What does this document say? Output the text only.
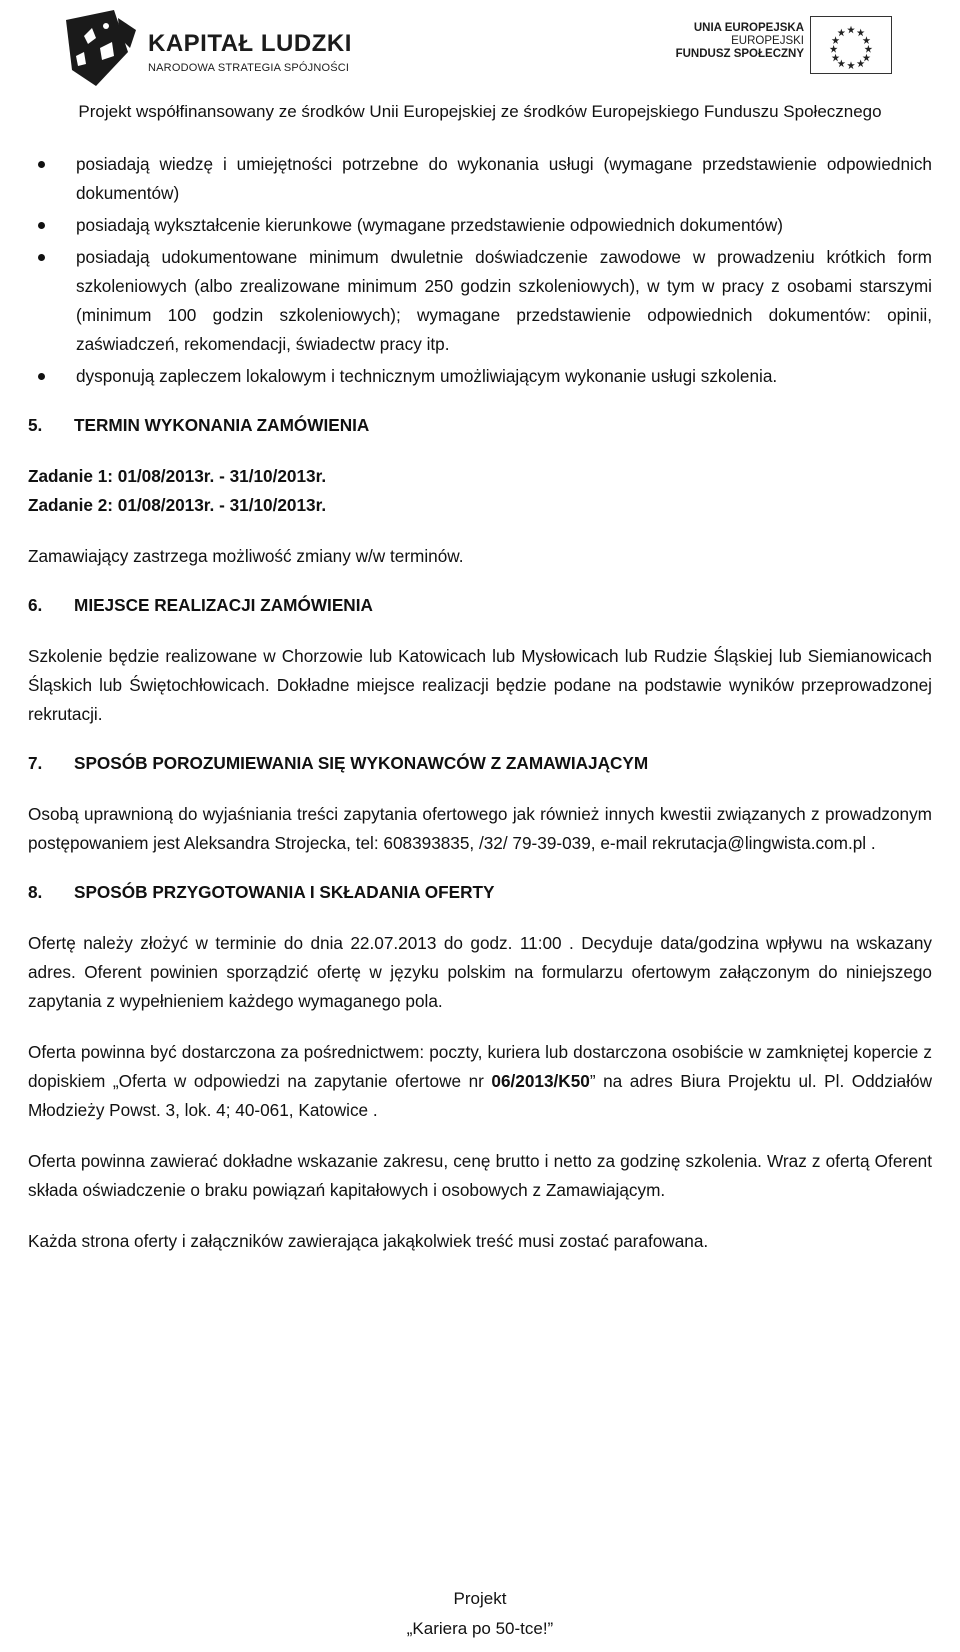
KAPITAŁ LUDZKI
NARODOWA STRATEGIA SPÓJNOŚCI
UNIA EUROPEJSKA
EUROPEJSKI
FUNDUSZ SPOŁECZNY
Projekt współfinansowany ze środków Unii Europejskiej ze środków Europejskiego Funduszu Społecznego
posiadają wiedzę i umiejętności potrzebne do wykonania usługi (wymagane przedstawienie odpowiednich dokumentów)
posiadają wykształcenie kierunkowe (wymagane przedstawienie odpowiednich dokumentów)
posiadają udokumentowane minimum dwuletnie doświadczenie zawodowe w prowadzeniu krótkich form szkoleniowych (albo zrealizowane minimum 250 godzin szkoleniowych), w tym w pracy z osobami starszymi (minimum 100 godzin szkoleniowych); wymagane przedstawienie odpowiednich dokumentów: opinii, zaświadczeń, rekomendacji, świadectw pracy itp.
dysponują zapleczem lokalowym i technicznym umożliwiającym wykonanie usługi szkolenia.
5.	TERMIN WYKONANIA ZAMÓWIENIA

Zadanie 1: 01/08/2013r. - 31/10/2013r.

Zadanie 2: 01/08/2013r. - 31/10/2013r.

Zamawiający zastrzega możliwość zmiany w/w terminów.

6.	MIEJSCE REALIZACJI ZAMÓWIENIA

Szkolenie będzie realizowane w Chorzowie lub Katowicach lub Mysłowicach lub Rudzie Śląskiej lub Siemianowicach Śląskich lub Świętochłowicach. Dokładne miejsce realizacji będzie podane na podstawie wyników przeprowadzonej rekrutacji.

7.	SPOSÓB POROZUMIEWANIA SIĘ WYKONAWCÓW Z ZAMAWIAJĄCYM

Osobą uprawnioną do wyjaśniania treści zapytania ofertowego jak również innych kwestii związanych z prowadzonym postępowaniem jest Aleksandra Strojecka, tel: 608393835, /32/ 79-39-039, e-mail rekrutacja@lingwista.com.pl .

8.	SPOSÓB PRZYGOTOWANIA I SKŁADANIA OFERTY

Ofertę należy złożyć w terminie do dnia 22.07.2013 do godz. 11:00 . Decyduje data/godzina wpływu na wskazany adres. Oferent powinien sporządzić ofertę w języku polskim na formularzu ofertowym załączonym do niniejszego zapytania z wypełnieniem każdego wymaganego pola.

Oferta powinna być dostarczona za pośrednictwem: poczty, kuriera lub dostarczona osobiście w zamkniętej kopercie z dopiskiem „Oferta w odpowiedzi na zapytanie ofertowe nr 06/2013/K50” na adres Biura Projektu ul. Pl. Oddziałów Młodzieży Powst. 3, lok. 4; 40-061, Katowice .

Oferta powinna zawierać dokładne wskazanie zakresu, cenę brutto i netto za godzinę szkolenia. Wraz z ofertą Oferent składa oświadczenie o braku powiązań kapitałowych i osobowych z Zamawiającym.

Każda strona oferty i załączników zawierająca jakąkolwiek treść musi zostać parafowana.

Projekt
„Kariera po 50-tce!”
